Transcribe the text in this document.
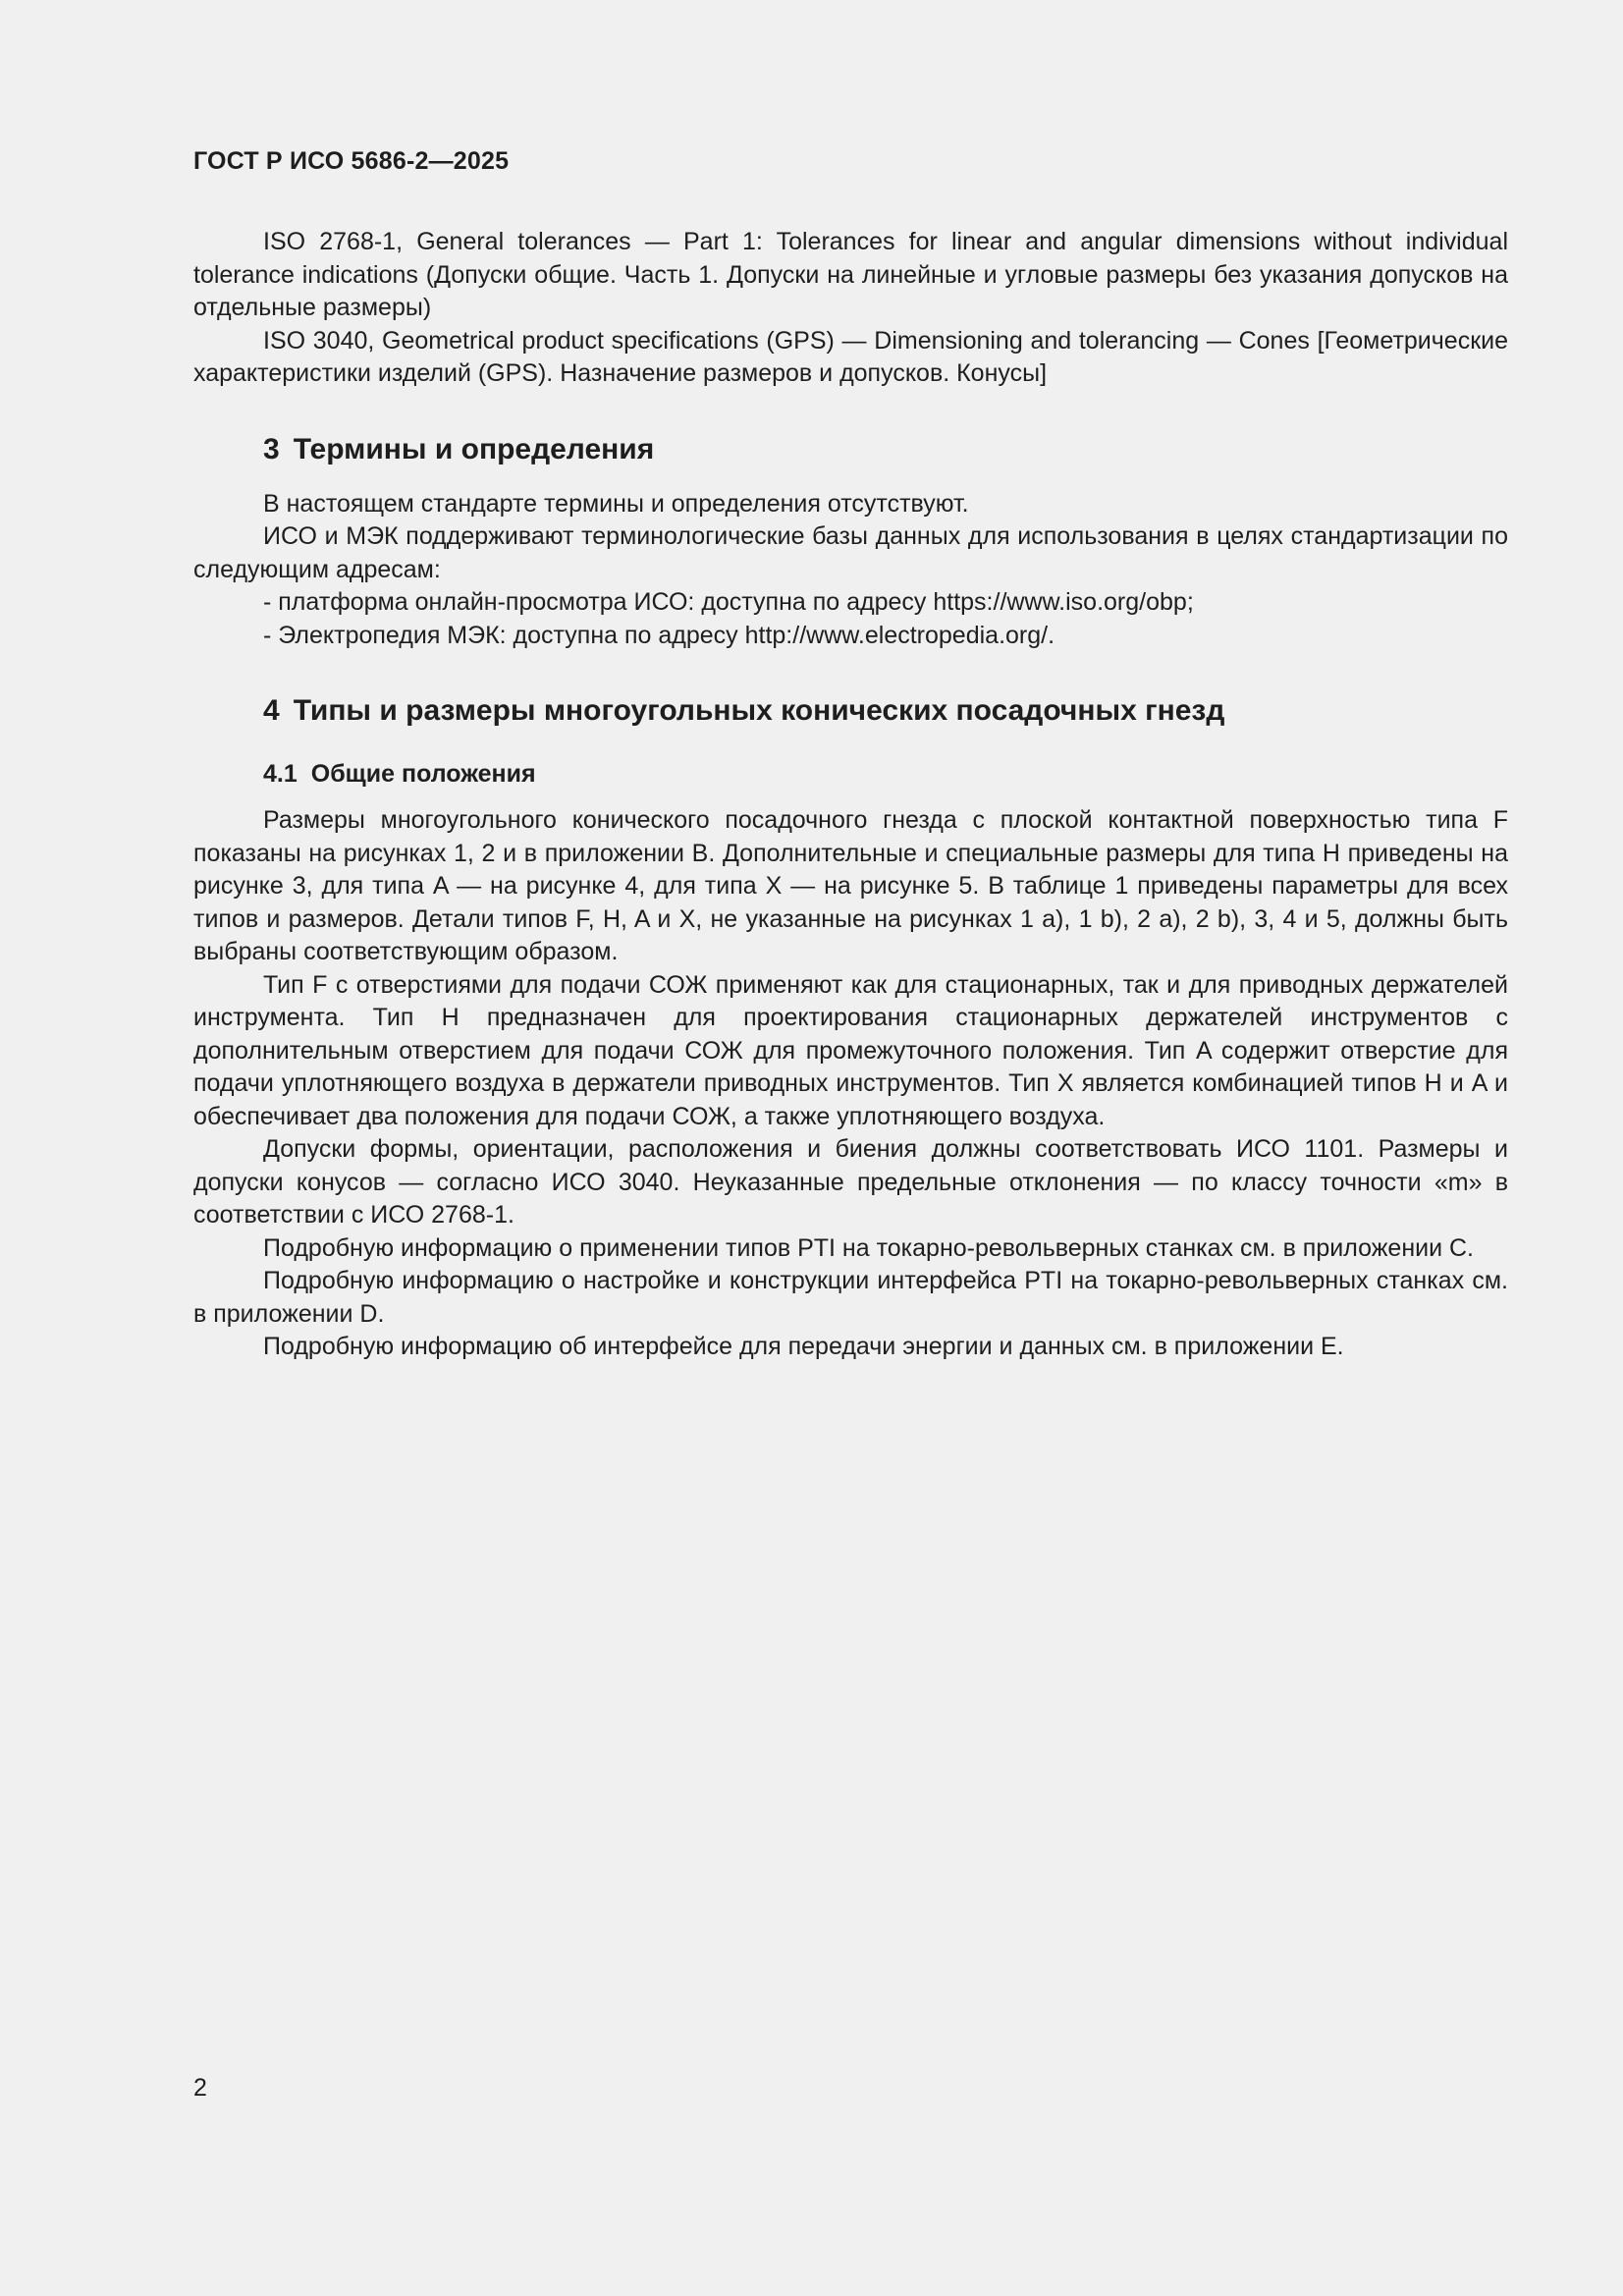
ГОСТ Р ИСО 5686-2—2025

ISO 2768-1, General tolerances — Part 1: Tolerances for linear and angular dimensions without individual tolerance indications (Допуски общие. Часть 1. Допуски на линейные и угловые размеры без указания допусков на отдельные размеры)

ISO 3040, Geometrical product specifications (GPS) — Dimensioning and tolerancing — Cones [Геометрические характеристики изделий (GPS). Назначение размеров и допусков. Конусы]

3 Термины и определения

В настоящем стандарте термины и определения отсутствуют.

ИСО и МЭК поддерживают терминологические базы данных для использования в целях стандартизации по следующим адресам:

- платформа онлайн-просмотра ИСО: доступна по адресу https://www.iso.org/obp;

- Электропедия МЭК: доступна по адресу http://www.electropedia.org/.

4 Типы и размеры многоугольных конических посадочных гнезд
4.1 Общие положения

Размеры многоугольного конического посадочного гнезда с плоской контактной поверхностью типа F показаны на рисунках 1, 2 и в приложении В. Дополнительные и специальные размеры для типа H приведены на рисунке 3, для типа A — на рисунке 4, для типа X — на рисунке 5. В таблице 1 приведены параметры для всех типов и размеров. Детали типов F, H, A и X, не указанные на рисунках 1 a), 1 b), 2 a), 2 b), 3, 4 и 5, должны быть выбраны соответствующим образом.

Тип F с отверстиями для подачи СОЖ применяют как для стационарных, так и для приводных держателей инструмента. Тип H предназначен для проектирования стационарных держателей инструментов с дополнительным отверстием для подачи СОЖ для промежуточного положения. Тип A содержит отверстие для подачи уплотняющего воздуха в держатели приводных инструментов. Тип X является комбинацией типов H и A и обеспечивает два положения для подачи СОЖ, а также уплотняющего воздуха.

Допуски формы, ориентации, расположения и биения должны соответствовать ИСО 1101. Размеры и допуски конусов — согласно ИСО 3040. Неуказанные предельные отклонения — по классу точности «m» в соответствии с ИСО 2768-1.

Подробную информацию о применении типов PTI на токарно-револьверных станках см. в приложении С.

Подробную информацию о настройке и конструкции интерфейса PTI на токарно-револьверных станках см. в приложении D.

Подробную информацию об интерфейсе для передачи энергии и данных см. в приложении Е.

2
